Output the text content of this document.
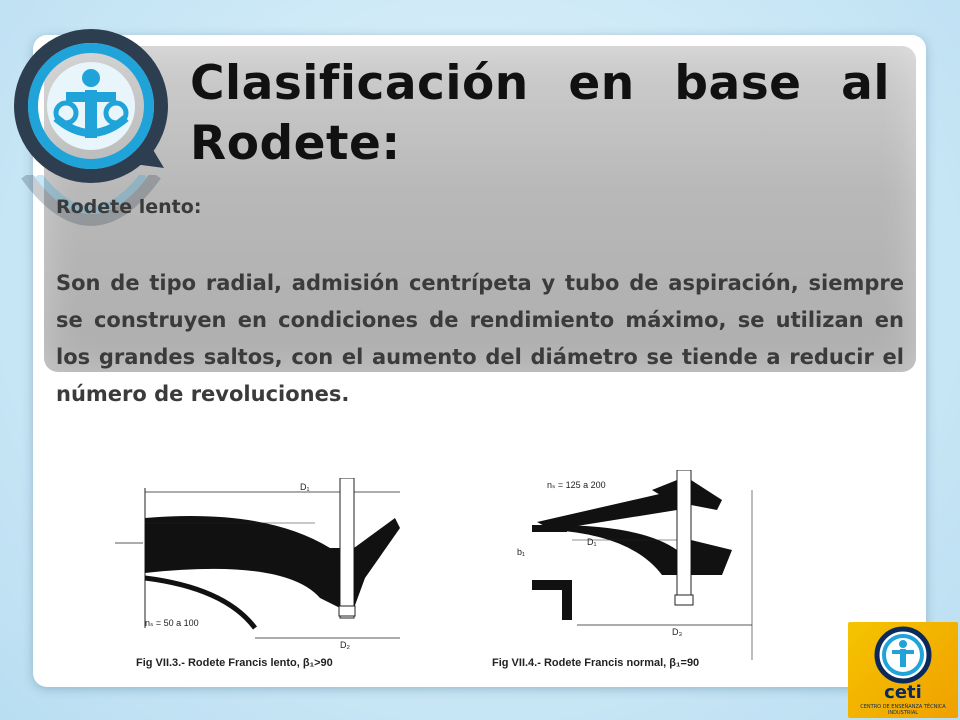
Clasificación en base al
Rodete:
Rodete lento:
Son de tipo radial, admisión centrípeta y tubo de aspiración, siempre se construyen en condiciones de rendimiento máximo, se utilizan en los grandes saltos, con el aumento del diámetro se tiende a reducir el número de revoluciones.
D₁
D₂
nₛ = 50 a 100
nₛ = 125 a 200
b₁
D₁
D₃
Fig VII.3.- Rodete Francis lento, β₁>90	Fig VII.4.- Rodete Francis normal, β₁=90
ceti
CENTRO DE ENSEÑANZA TÉCNICA INDUSTRIAL
